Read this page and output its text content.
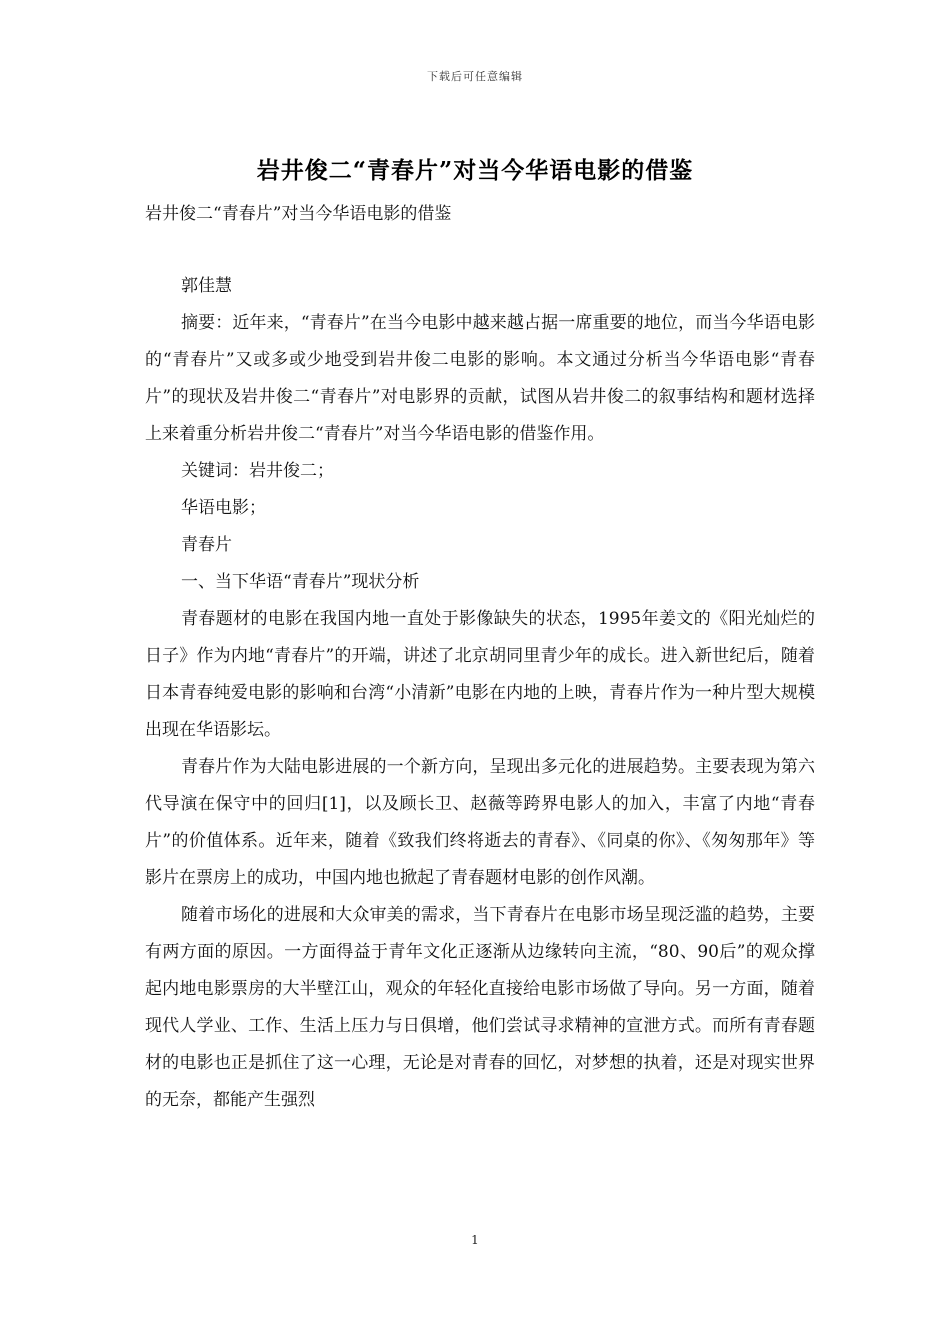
下载后可任意编辑
岩井俊二“青春片”对当今华语电影的借鉴
岩井俊二“青春片”对当今华语电影的借鉴

郭佳慧

摘要：近年来，“青春片”在当今电影中越来越占据一席重要的地位，而当今华语电影的“青春片”又或多或少地受到岩井俊二电影的影响。本文通过分析当今华语电影“青春片”的现状及岩井俊二“青春片”对电影界的贡献，试图从岩井俊二的叙事结构和题材选择上来着重分析岩井俊二“青春片”对当今华语电影的借鉴作用。

关键词：岩井俊二；

华语电影；

青春片

一、当下华语“青春片”现状分析

青春题材的电影在我国内地一直处于影像缺失的状态，1995年姜文的《阳光灿烂的日子》作为内地“青春片”的开端，讲述了北京胡同里青少年的成长。进入新世纪后，随着日本青春纯爱电影的影响和台湾“小清新”电影在内地的上映，青春片作为一种片型大规模出现在华语影坛。

青春片作为大陆电影进展的一个新方向，呈现出多元化的进展趋势。主要表现为第六代导演在保守中的回归[1]，以及顾长卫、赵薇等跨界电影人的加入，丰富了内地“青春片”的价值体系。近年来，随着《致我们终将逝去的青春》、《同桌的你》、《匆匆那年》等影片在票房上的成功，中国内地也掀起了青春题材电影的创作风潮。

随着市场化的进展和大众审美的需求，当下青春片在电影市场呈现泛滥的趋势，主要有两方面的原因。一方面得益于青年文化正逐渐从边缘转向主流，“80、90后”的观众撑起内地电影票房的大半壁江山，观众的年轻化直接给电影市场做了导向。另一方面，随着现代人学业、工作、生活上压力与日俱增，他们尝试寻求精神的宣泄方式。而所有青春题材的电影也正是抓住了这一心理，无论是对青春的回忆，对梦想的执着，还是对现实世界的无奈，都能产生强烈

1
